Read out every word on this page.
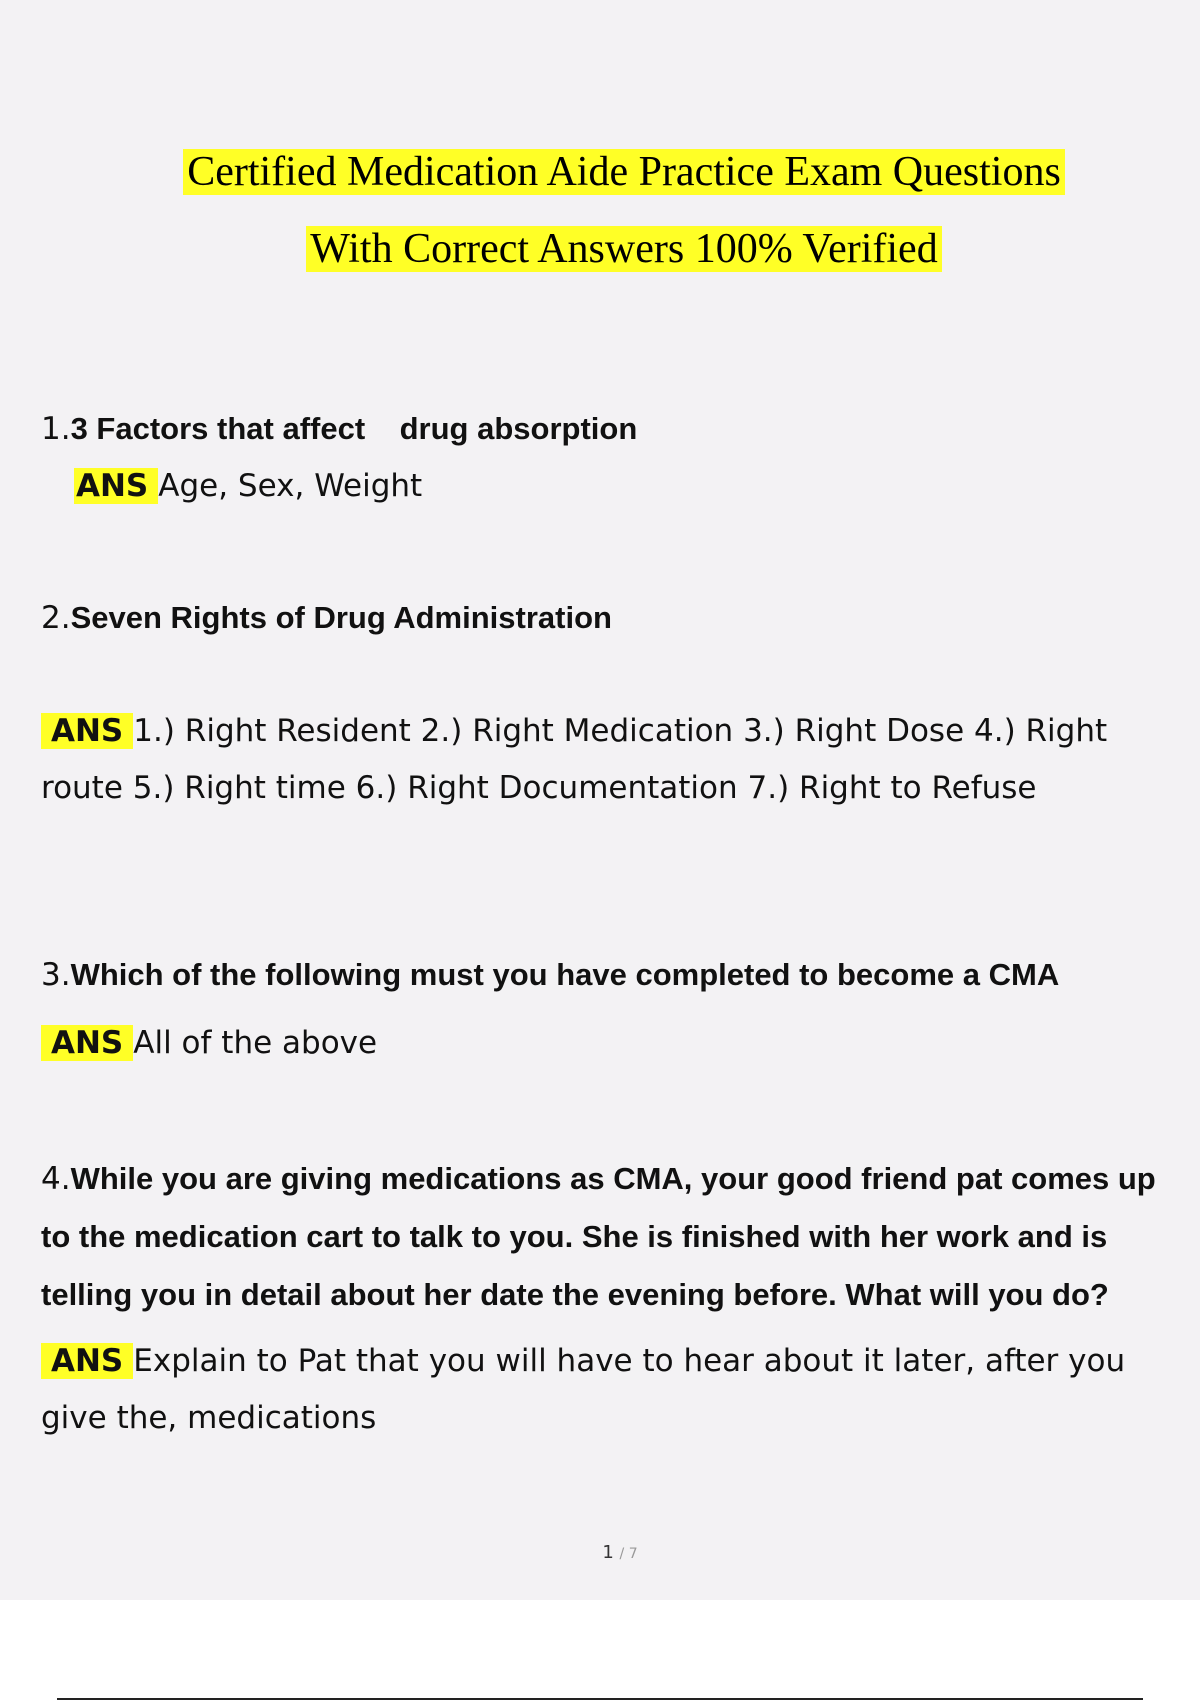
Certified Medication Aide Practice Exam Questions
With Correct Answers 100% Verified
1.3 Factors that affect    drug absorption
ANS Age, Sex, Weight
2.Seven Rights of Drug Administration
ANS 1.) Right Resident 2.) Right Medication 3.) Right Dose 4.) Right route 5.) Right time 6.) Right Documentation 7.) Right to Refuse
3.Which of the following must you have completed to become a CMA
ANS All of the above
4.While you are giving medications as CMA, your good friend pat comes up to the medication cart to talk to you. She is finished with her work and is telling you in detail about her date the evening before. What will you do?
ANS Explain to Pat that you will have to hear about it later, after you give the, medications
1 / 7
